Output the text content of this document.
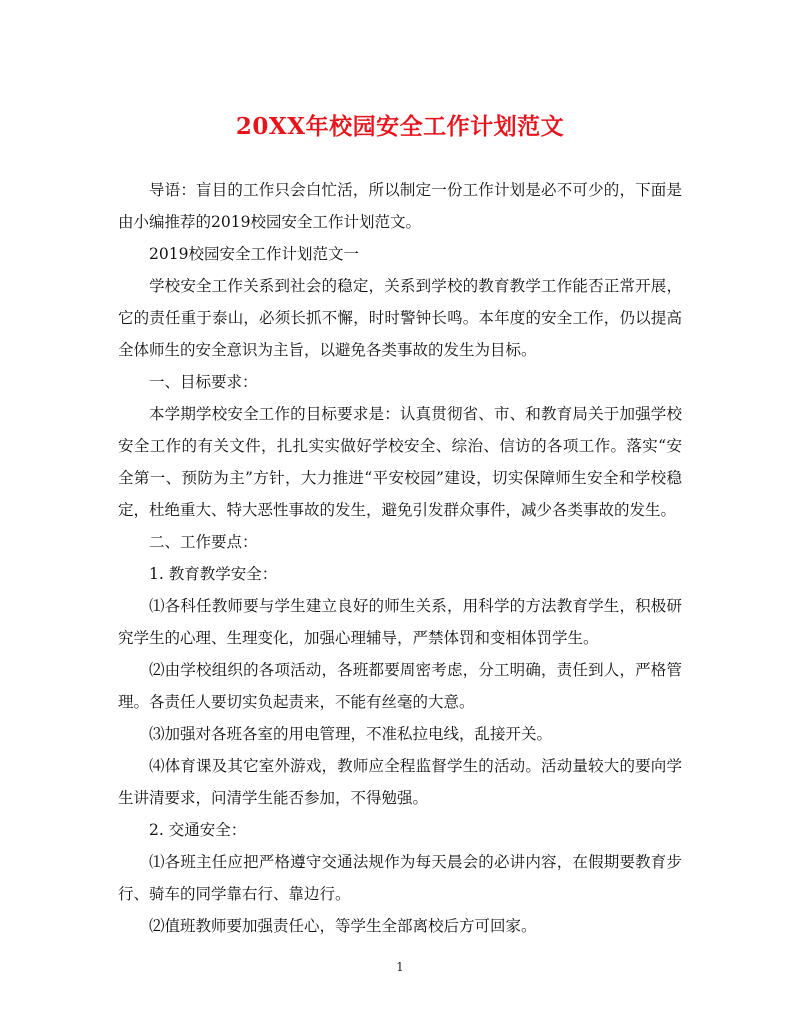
20XX年校园安全工作计划范文

导语：盲目的工作只会白忙活，所以制定一份工作计划是必不可少的，下面是由小编推荐的2019校园安全工作计划范文。

2019校园安全工作计划范文一

学校安全工作关系到社会的稳定，关系到学校的教育教学工作能否正常开展，它的责任重于泰山，必须长抓不懈，时时警钟长鸣。本年度的安全工作，仍以提高全体师生的安全意识为主旨，以避免各类事故的发生为目标。

一、目标要求：

本学期学校安全工作的目标要求是：认真贯彻省、市、和教育局关于加强学校安全工作的有关文件，扎扎实实做好学校安全、综治、信访的各项工作。落实“安全第一、预防为主”方针，大力推进“平安校园”建设，切实保障师生安全和学校稳定，杜绝重大、特大恶性事故的发生，避免引发群众事件，减少各类事故的发生。

二、工作要点：

1. 教育教学安全：

⑴各科任教师要与学生建立良好的师生关系，用科学的方法教育学生，积极研究学生的心理、生理变化，加强心理辅导，严禁体罚和变相体罚学生。

⑵由学校组织的各项活动，各班都要周密考虑，分工明确，责任到人，严格管理。各责任人要切实负起责来，不能有丝毫的大意。

⑶加强对各班各室的用电管理，不准私拉电线，乱接开关。

⑷体育课及其它室外游戏，教师应全程监督学生的活动。活动量较大的要向学生讲清要求，问清学生能否参加，不得勉强。

2. 交通安全：

⑴各班主任应把严格遵守交通法规作为每天晨会的必讲内容，在假期要教育步行、骑车的同学靠右行、靠边行。

⑵值班教师要加强责任心，等学生全部离校后方可回家。

1
